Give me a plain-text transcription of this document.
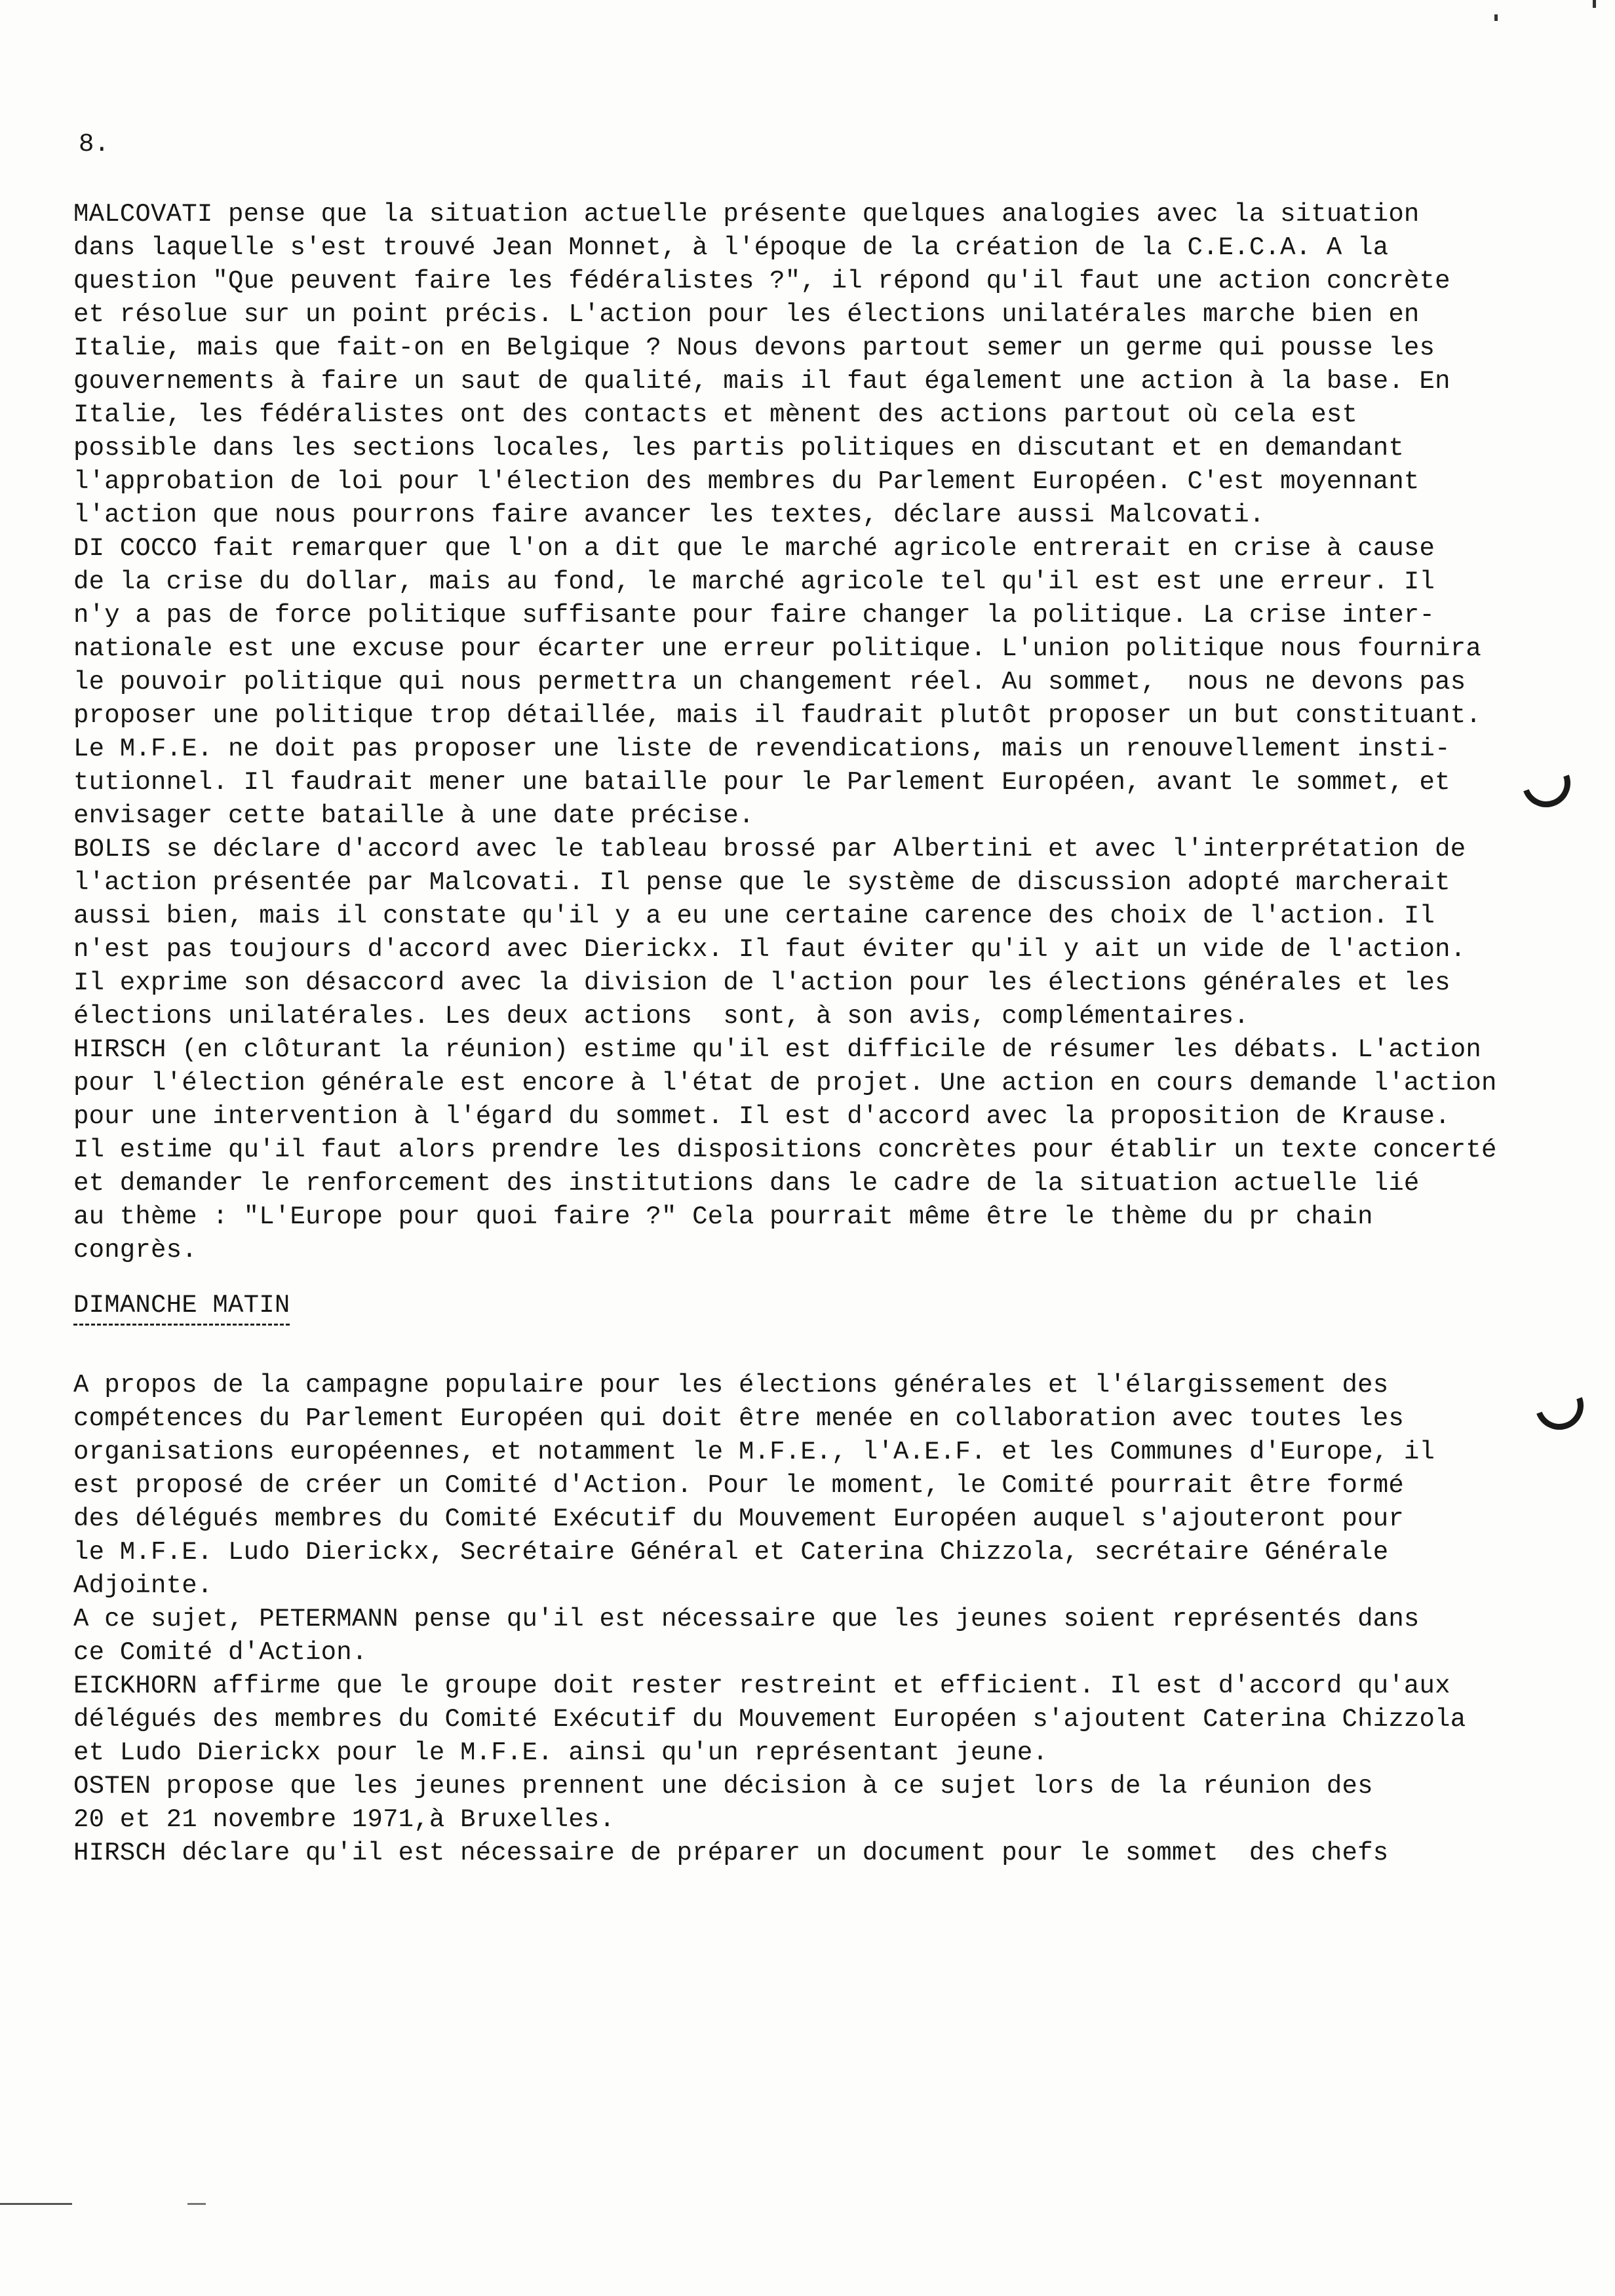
8.
MALCOVATI pense que la situation actuelle présente quelques analogies avec la situation
dans laquelle s'est trouvé Jean Monnet, à l'époque de la création de la C.E.C.A. A la
question "Que peuvent faire les fédéralistes ?", il répond qu'il faut une action concrète
et résolue sur un point précis. L'action pour les élections unilatérales marche bien en
Italie, mais que fait-on en Belgique ? Nous devons partout semer un germe qui pousse les
gouvernements à faire un saut de qualité, mais il faut également une action à la base. En
Italie, les fédéralistes ont des contacts et mènent des actions partout où cela est
possible dans les sections locales, les partis politiques en discutant et en demandant
l'approbation de loi pour l'élection des membres du Parlement Européen. C'est moyennant
l'action que nous pourrons faire avancer les textes, déclare aussi Malcovati.
DI COCCO fait remarquer que l'on a dit que le marché agricole entrerait en crise à cause
de la crise du dollar, mais au fond, le marché agricole tel qu'il est est une erreur. Il
n'y a pas de force politique suffisante pour faire changer la politique. La crise inter-
nationale est une excuse pour écarter une erreur politique. L'union politique nous fournira
le pouvoir politique qui nous permettra un changement réel. Au sommet,  nous ne devons pas
proposer une politique trop détaillée, mais il faudrait plutôt proposer un but constituant.
Le M.F.E. ne doit pas proposer une liste de revendications, mais un renouvellement insti-
tutionnel. Il faudrait mener une bataille pour le Parlement Européen, avant le sommet, et
envisager cette bataille à une date précise.
BOLIS se déclare d'accord avec le tableau brossé par Albertini et avec l'interprétation de
l'action présentée par Malcovati. Il pense que le système de discussion adopté marcherait
aussi bien, mais il constate qu'il y a eu une certaine carence des choix de l'action. Il
n'est pas toujours d'accord avec Dierickx. Il faut éviter qu'il y ait un vide de l'action.
Il exprime son désaccord avec la division de l'action pour les élections générales et les
élections unilatérales. Les deux actions  sont, à son avis, complémentaires.
HIRSCH (en clôturant la réunion) estime qu'il est difficile de résumer les débats. L'action
pour l'élection générale est encore à l'état de projet. Une action en cours demande l'action
pour une intervention à l'égard du sommet. Il est d'accord avec la proposition de Krause.
Il estime qu'il faut alors prendre les dispositions concrètes pour établir un texte concerté
et demander le renforcement des institutions dans le cadre de la situation actuelle lié
au thème : "L'Europe pour quoi faire ?" Cela pourrait même être le thème du pr chain
congrès.
DIMANCHE MATIN
A propos de la campagne populaire pour les élections générales et l'élargissement des
compétences du Parlement Européen qui doit être menée en collaboration avec toutes les
organisations européennes, et notamment le M.F.E., l'A.E.F. et les Communes d'Europe, il
est proposé de créer un Comité d'Action. Pour le moment, le Comité pourrait être formé
des délégués membres du Comité Exécutif du Mouvement Européen auquel s'ajouteront pour
le M.F.E. Ludo Dierickx, Secrétaire Général et Caterina Chizzola, secrétaire Générale
Adjointe.
A ce sujet, PETERMANN pense qu'il est nécessaire que les jeunes soient représentés dans
ce Comité d'Action.
EICKHORN affirme que le groupe doit rester restreint et efficient. Il est d'accord qu'aux
délégués des membres du Comité Exécutif du Mouvement Européen s'ajoutent Caterina Chizzola
et Ludo Dierickx pour le M.F.E. ainsi qu'un représentant jeune.
OSTEN propose que les jeunes prennent une décision à ce sujet lors de la réunion des
20 et 21 novembre 1971,à Bruxelles.
HIRSCH déclare qu'il est nécessaire de préparer un document pour le sommet  des chefs
